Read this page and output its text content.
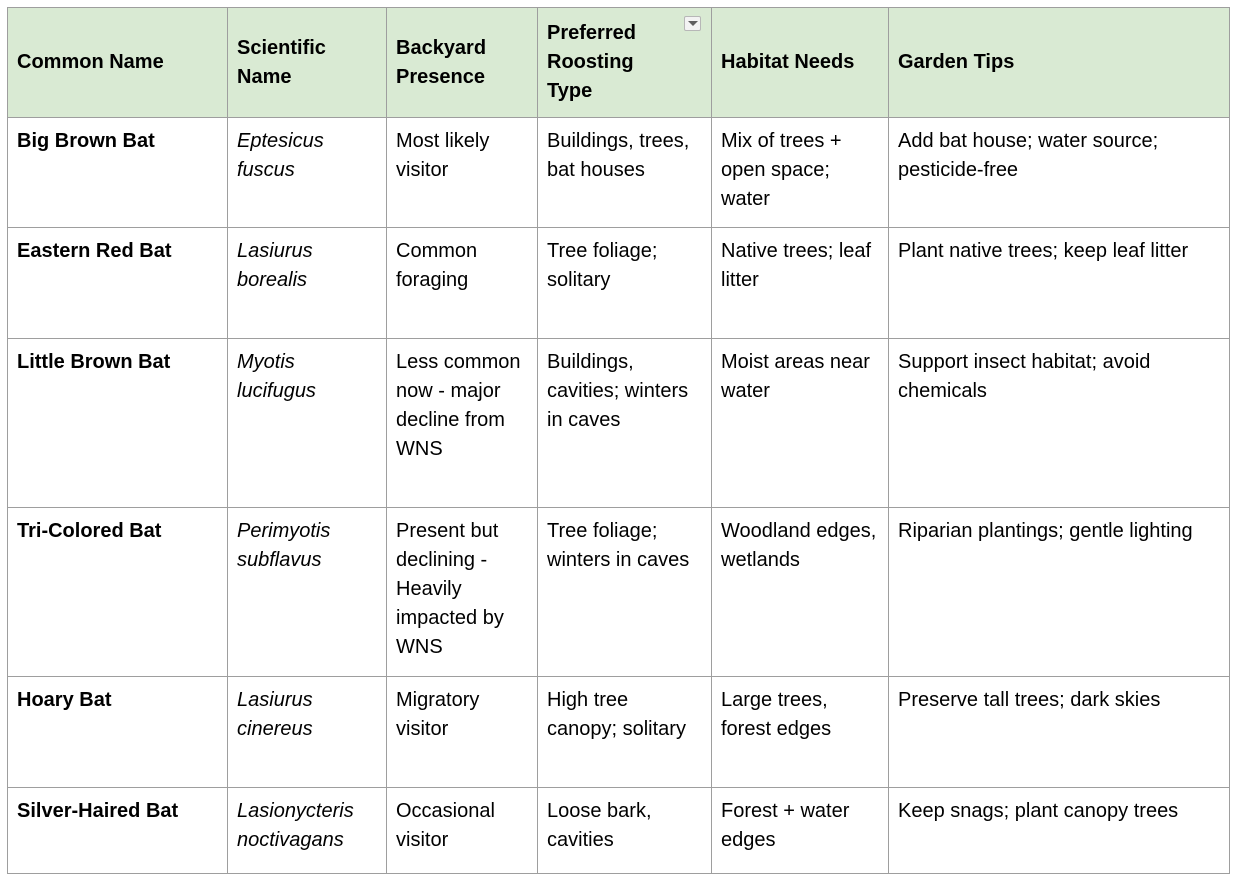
Common Name	Scientific Name	Backyard Presence	Preferred Roosting Type	Habitat Needs	Garden Tips
Big Brown Bat	Eptesicus fuscus	Most likely visitor	Buildings, trees, bat houses	Mix of trees + open space; water	Add bat house; water source; pesticide-free
Eastern Red Bat	Lasiurus borealis	Common foraging	Tree foliage; solitary	Native trees; leaf litter	Plant native trees; keep leaf litter
Little Brown Bat	Myotis lucifugus	Less common now - major decline from WNS	Buildings, cavities; winters in caves	Moist areas near water	Support insect habitat; avoid chemicals
Tri-Colored Bat	Perimyotis subflavus	Present but declining - Heavily impacted by WNS	Tree foliage; winters in caves	Woodland edges, wetlands	Riparian plantings; gentle lighting
Hoary Bat	Lasiurus cinereus	Migratory visitor	High tree canopy; solitary	Large trees, forest edges	Preserve tall trees; dark skies
Silver-Haired Bat	Lasionycteris noctivagans	Occasional visitor	Loose bark, cavities	Forest + water edges	Keep snags; plant canopy trees
